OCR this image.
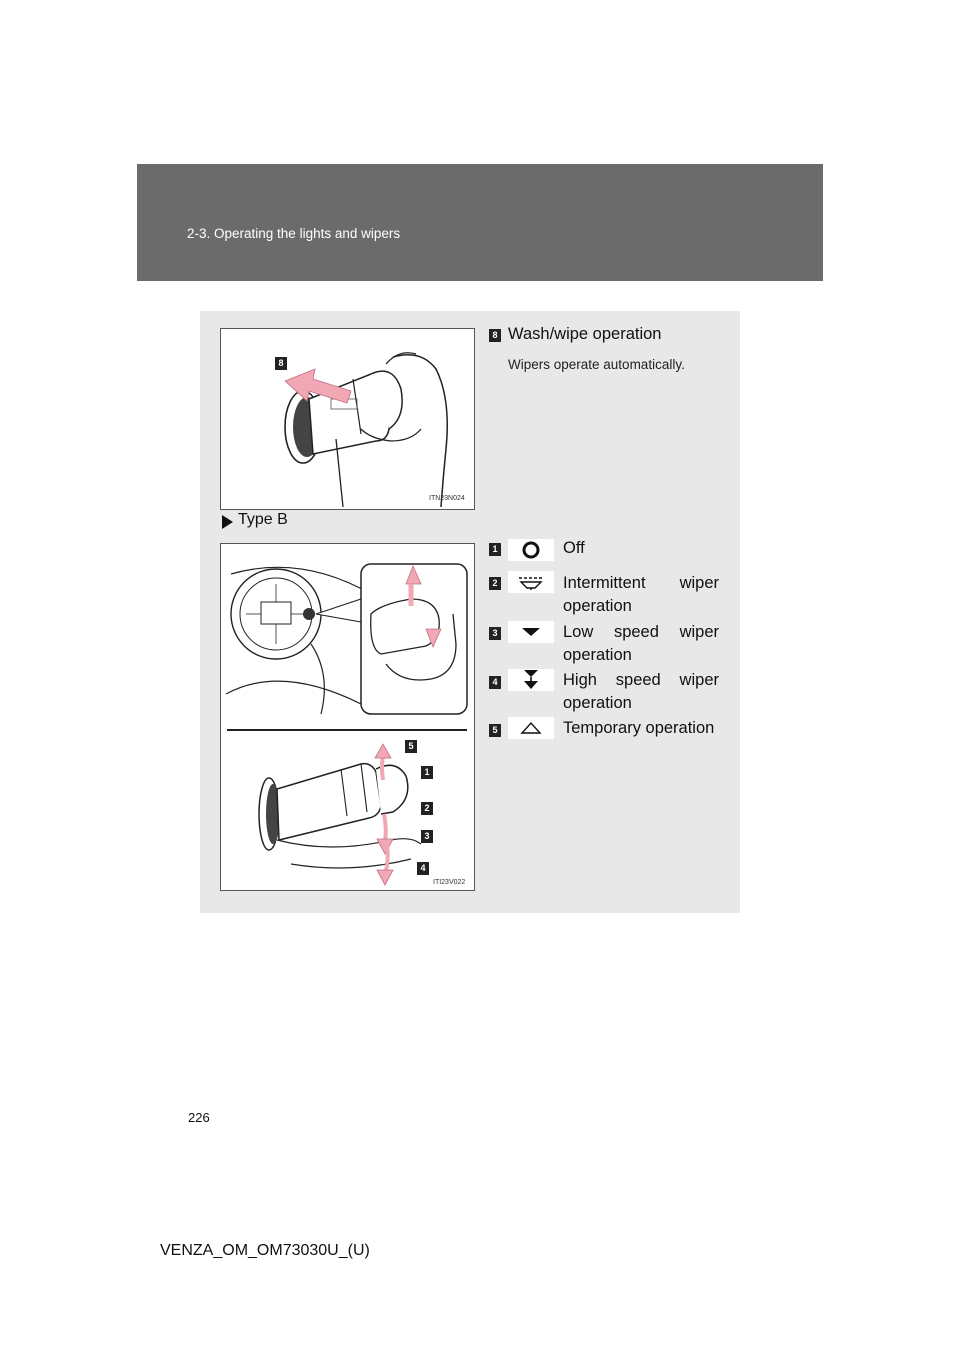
2-3. Operating the lights and wipers
8
ITN23N024
8 Wash/wipe operation
Wipers operate automatically.
Type B
5
1
2
3
4
ITI23V022
1	Off
2	Intermittent wiper operation
3	Low speed wiper operation
4	High speed wiper operation
5	Temporary operation
226
VENZA_OM_OM73030U_(U)
